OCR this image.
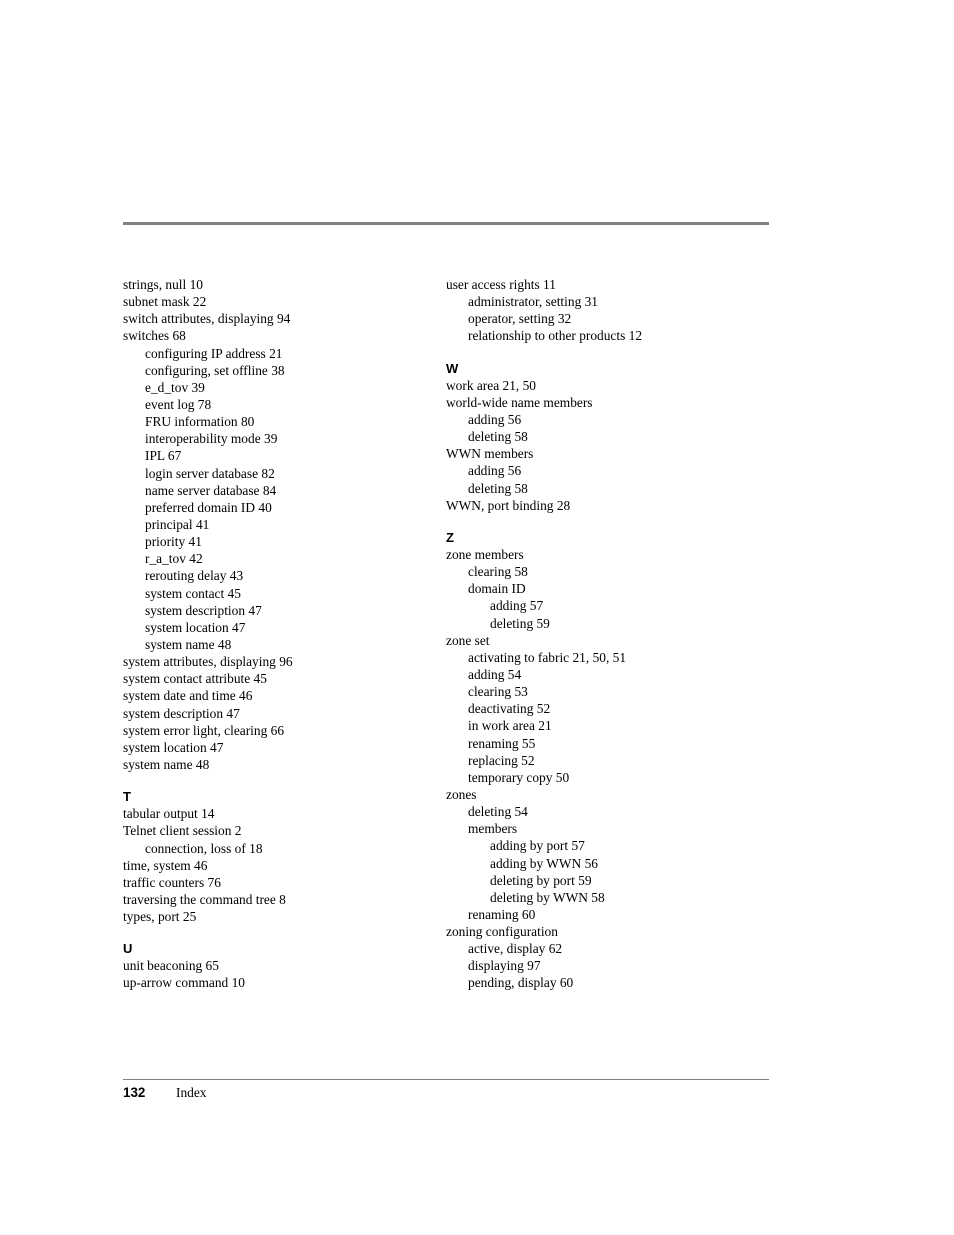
strings, null 10
subnet mask 22
switch attributes, displaying 94
switches 68
configuring IP address 21
configuring, set offline 38
e_d_tov 39
event log 78
FRU information 80
interoperability mode 39
IPL 67
login server database 82
name server database 84
preferred domain ID 40
principal 41
priority 41
r_a_tov 42
rerouting delay 43
system contact 45
system description 47
system location 47
system name 48
system attributes, displaying 96
system contact attribute 45
system date and time 46
system description 47
system error light, clearing 66
system location 47
system name 48
T
tabular output 14
Telnet client session 2
connection, loss of 18
time, system 46
traffic counters 76
traversing the command tree 8
types, port 25
U
unit beaconing 65
up-arrow command 10
user access rights 11
administrator, setting 31
operator, setting 32
relationship to other products 12
W
work area 21, 50
world-wide name members
adding 56
deleting 58
WWN members
adding 56
deleting 58
WWN, port binding 28
Z
zone members
clearing 58
domain ID
adding 57
deleting 59
zone set
activating to fabric 21, 50, 51
adding 54
clearing 53
deactivating 52
in work area 21
renaming 55
replacing 52
temporary copy 50
zones
deleting 54
members
adding by port 57
adding by WWN 56
deleting by port 59
deleting by WWN 58
renaming 60
zoning configuration
active, display 62
displaying 97
pending, display 60
132 Index
